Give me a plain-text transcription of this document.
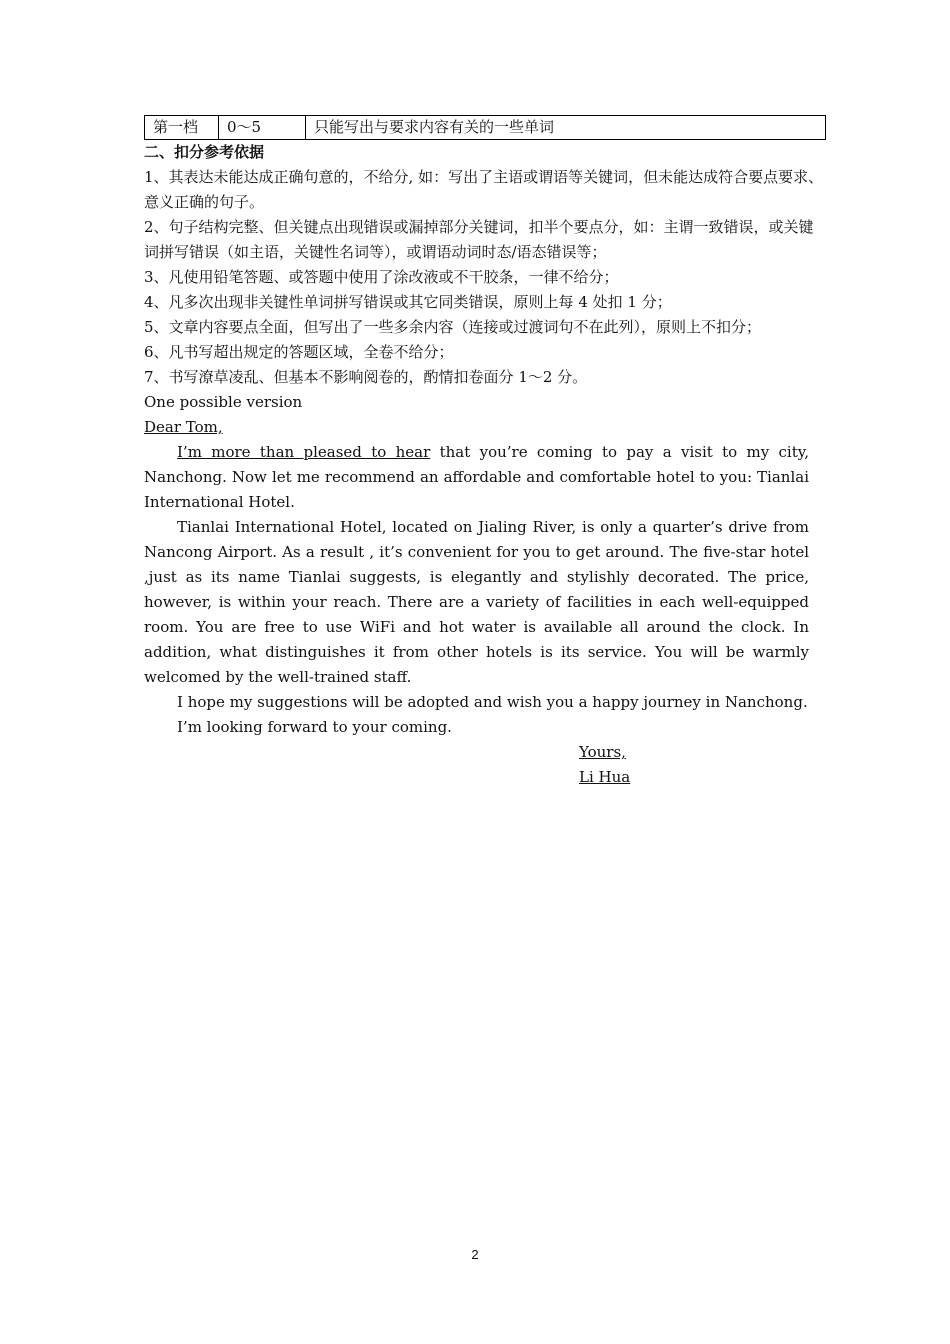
第一档	0～5	只能写出与要求内容有关的一些单词
二、扣分参考依据

1、其表达未能达成正确句意的，不给分, 如：写出了主语或谓语等关键词，但未能达成符合要点要求、意义正确的句子。

2、句子结构完整、但关键点出现错误或漏掉部分关键词，扣半个要点分，如：主谓一致错误，或关键词拼写错误（如主语，关键性名词等），或谓语动词时态/语态错误等；

3、凡使用铅笔答题、或答题中使用了涂改液或不干胶条，一律不给分；

4、凡多次出现非关键性单词拼写错误或其它同类错误，原则上每 4 处扣 1 分；

5、文章内容要点全面，但写出了一些多余内容（连接或过渡词句不在此列），原则上不扣分；

6、凡书写超出规定的答题区域，全卷不给分；

7、书写潦草凌乱、但基本不影响阅卷的，酌情扣卷面分 1～2 分。

One possible version

Dear Tom,

I’m more than pleased to hear that you’re coming to pay a visit to my city, Nanchong. Now let me recommend an affordable and comfortable hotel to you: Tianlai International Hotel.

Tianlai International Hotel, located on Jialing River, is only a quarter’s drive from Nancong Airport. As a result , it’s convenient for you to get around. The five-star hotel ,just as its name Tianlai suggests, is elegantly and stylishly decorated. The price, however, is within your reach. There are a variety of facilities in each well-equipped room. You are free to use WiFi and hot water is available all around the clock. In addition, what distinguishes it from other hotels is its service. You will be warmly welcomed by the well-trained staff.

I hope my suggestions will be adopted and wish you a happy journey in Nanchong.

I’m looking forward to your coming.

Yours,

Li Hua

2
